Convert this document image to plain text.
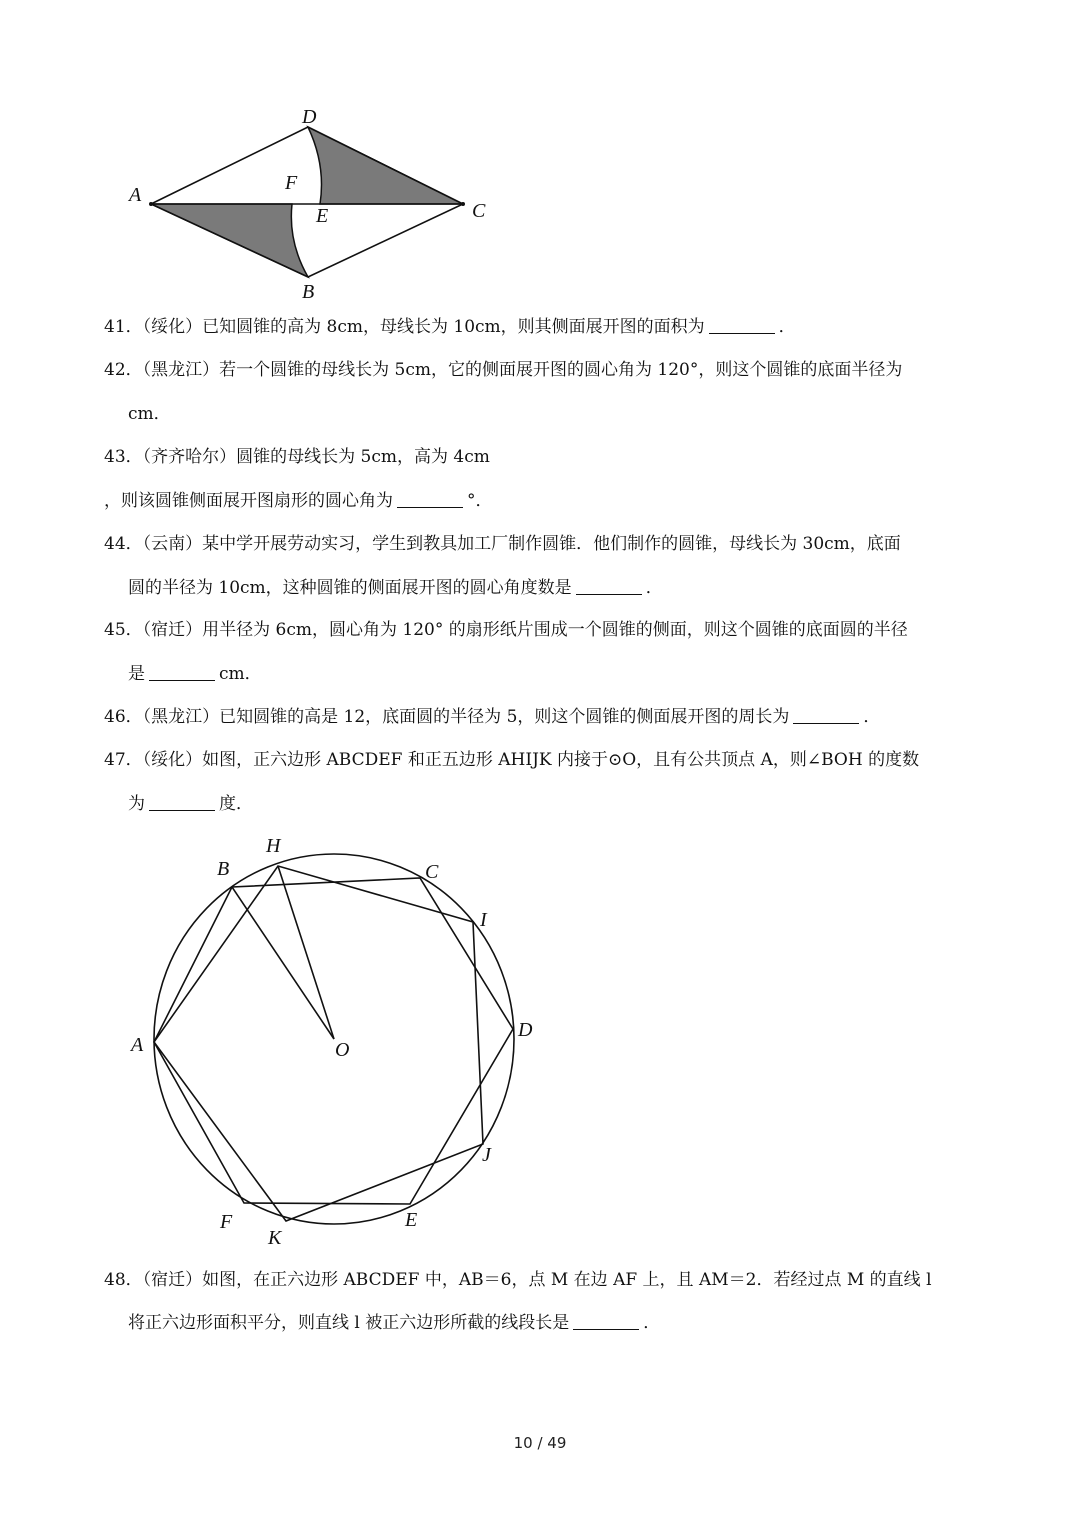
A
D
F
E	C
B
41．（绥化）已知圆锥的高为 8cm，母线长为 10cm，则其侧面展开图的面积为	．
42．（黑龙江）若一个圆锥的母线长为 5cm，它的侧面展开图的圆心角为 120°，则这个圆锥的底面半径为
cm．
43．（齐齐哈尔）圆锥的母线长为 5cm，高为 4cm
，则该圆锥侧面展开图扇形的圆心角为	°．
44．（云南）某中学开展劳动实习，学生到教具加工厂制作圆锥．他们制作的圆锥，母线长为 30cm，底面
圆的半径为 10cm，这种圆锥的侧面展开图的圆心角度数是	．
45．（宿迁）用半径为 6cm，圆心角为 120° 的扇形纸片围成一个圆锥的侧面，则这个圆锥的底面圆的半径
是	cm．
46．（黑龙江）已知圆锥的高是 12，底面圆的半径为 5，则这个圆锥的侧面展开图的周长为	．
47．（绥化）如图，正六边形 ABCDEF 和正五边形 AHIJK 内接于⊙O，且有公共顶点 A，则∠BOH 的度数
为	度．
H
B	C
I
D
A	O
J
F	E
K
48．（宿迁）如图，在正六边形 ABCDEF 中，AB＝6，点 M 在边 AF 上，且 AM＝2．若经过点 M 的直线 l
将正六边形面积平分，则直线 l 被正六边形所截的线段长是	．
10 / 49
